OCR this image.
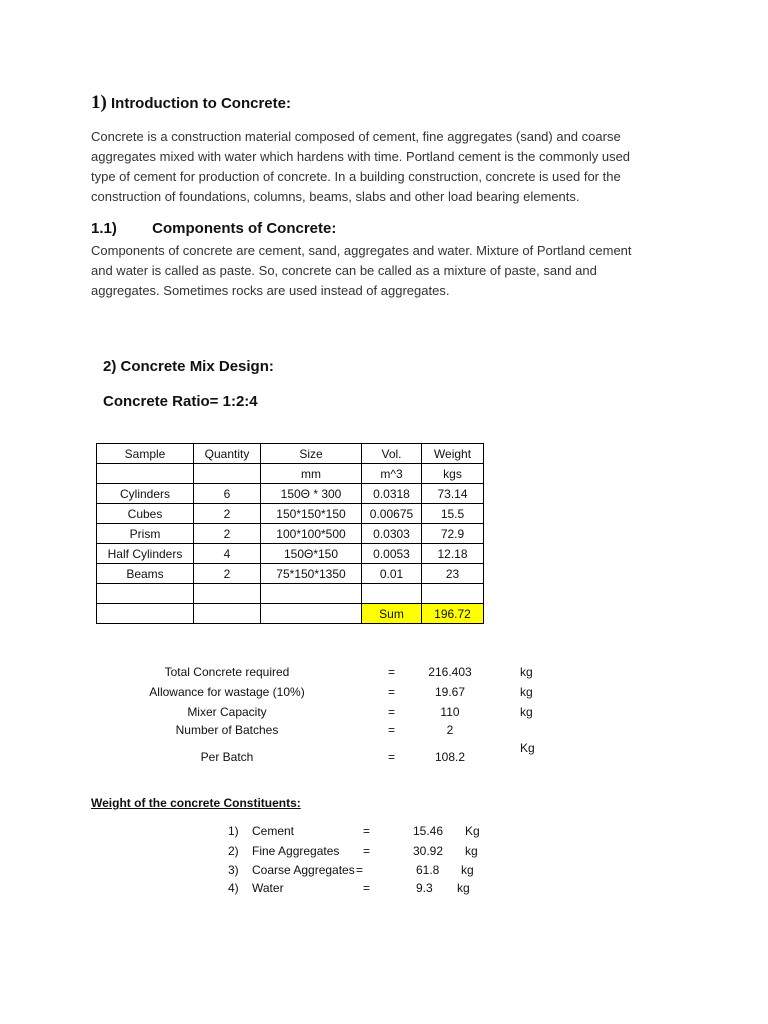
1) Introduction to Concrete:
Concrete is a construction material composed of cement, fine aggregates (sand) and coarse
aggregates mixed with water which hardens with time. Portland cement is the commonly used
type of cement for production of concrete. In a building construction, concrete is used for the
construction of foundations, columns, beams, slabs and other load bearing elements.
1.1) Components of Concrete:
Components of concrete are cement, sand, aggregates and water. Mixture of Portland cement
and water is called as paste. So, concrete can be called as a mixture of paste, sand and
aggregates. Sometimes rocks are used instead of aggregates.
2) Concrete Mix Design:
Concrete Ratio= 1:2:4
Sample	Quantity	Size	Vol.	Weight
		mm	m^3	kgs
Cylinders	6	150Θ * 300	0.0318	73.14
Cubes	2	150*150*150	0.00675	15.5
Prism	2	100*100*500	0.0303	72.9
Half Cylinders	4	150Θ*150	0.0053	12.18
Beams	2	75*150*1350	0.01	23

			Sum	196.72
Total Concrete required	=	216.403	kg
Allowance for wastage (10%)	=	19.67	kg
Mixer Capacity	=	110	kg
Number of Batches	=	2
Per Batch	=	108.2
Kg
Weight of the concrete Constituents:
1) Cement	=	15.46 Kg
2) Fine Aggregates =	30.92 kg
3) Coarse Aggregates =	61.8 kg
4) Water	=	9.3 kg
